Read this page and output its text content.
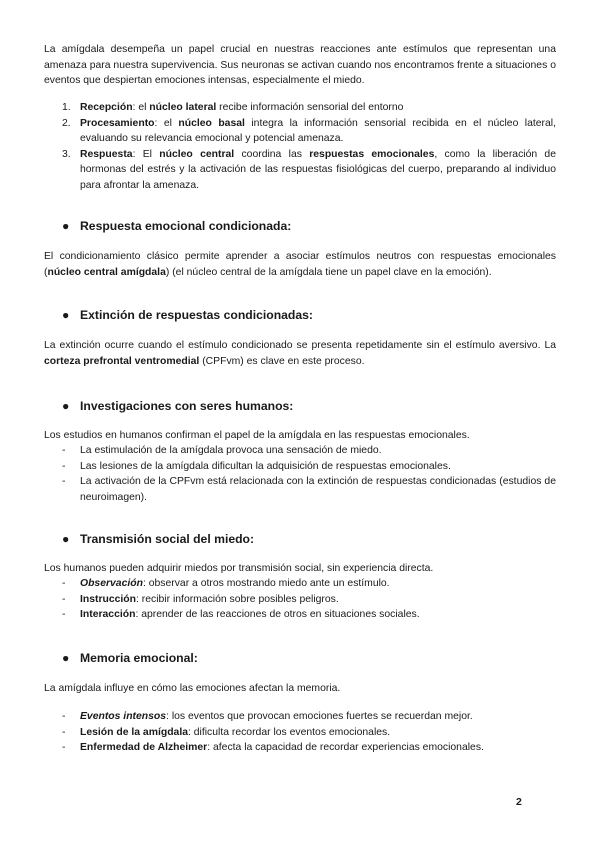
La amígdala desempeña un papel crucial en nuestras reacciones ante estímulos que representan una amenaza para nuestra supervivencia. Sus neuronas se activan cuando nos encontramos frente a situaciones o eventos que despiertan emociones intensas, especialmente el miedo.

1. Recepción: el núcleo lateral recibe información sensorial del entorno
2. Procesamiento: el núcleo basal integra la información sensorial recibida en el núcleo lateral, evaluando su relevancia emocional y potencial amenaza.
3. Respuesta: El núcleo central coordina las respuestas emocionales, como la liberación de hormonas del estrés y la activación de las respuestas fisiológicas del cuerpo, preparando al individuo para afrontar la amenaza.
● Respuesta emocional condicionada:

El condicionamiento clásico permite aprender a asociar estímulos neutros con respuestas emocionales (núcleo central amígdala) (el núcleo central de la amígdala tiene un papel clave en la emoción).

● Extinción de respuestas condicionadas:

La extinción ocurre cuando el estímulo condicionado se presenta repetidamente sin el estímulo aversivo. La corteza prefrontal ventromedial (CPFvm) es clave en este proceso.

● Investigaciones con seres humanos:

Los estudios en humanos confirman el papel de la amígdala en las respuestas emocionales.

- La estimulación de la amígdala provoca una sensación de miedo.
- Las lesiones de la amígdala dificultan la adquisición de respuestas emocionales.
- La activación de la CPFvm está relacionada con la extinción de respuestas condicionadas (estudios de neuroimagen).
● Transmisión social del miedo:

Los humanos pueden adquirir miedos por transmisión social, sin experiencia directa.

- Observación: observar a otros mostrando miedo ante un estímulo.
- Instrucción: recibir información sobre posibles peligros.
- Interacción: aprender de las reacciones de otros en situaciones sociales.
● Memoria emocional:

La amígdala influye en cómo las emociones afectan la memoria.

- Eventos intensos: los eventos que provocan emociones fuertes se recuerdan mejor.
- Lesión de la amígdala: dificulta recordar los eventos emocionales.
- Enfermedad de Alzheimer: afecta la capacidad de recordar experiencias emocionales.
2
